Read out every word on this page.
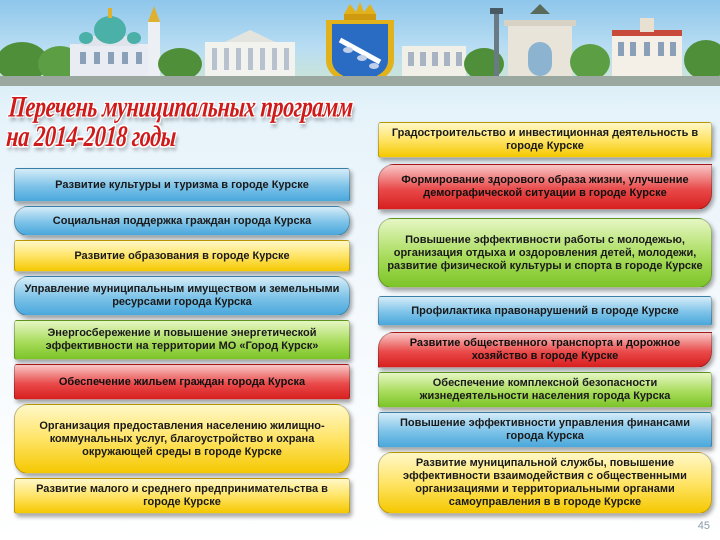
Перечень муниципальных программ на 2014-2018 годы
Развитие культуры и туризма в городе Курске
Социальная поддержка граждан города Курска
Развитие образования в городе Курске
Управление муниципальным имуществом и земельными ресурсами города Курска
Энергосбережение и повышение энергетической эффективности на территории МО «Город Курск»
Обеспечение жильем граждан города Курска
Организация предоставления населению жилищно-коммунальных услуг, благоустройство и охрана окружающей среды в городе Курске
Развитие малого и среднего предпринимательства в городе Курске
Градостроительство и инвестиционная деятельность в городе Курске
Формирование здорового образа жизни, улучшение демографической ситуации в городе Курске
Повышение эффективности работы с молодежью, организация отдыха и оздоровления детей, молодежи, развитие физической культуры и спорта в городе Курске
Профилактика правонарушений в городе Курске
Развитие общественного транспорта и дорожное хозяйство в городе Курске
Обеспечение комплексной безопасности жизнедеятельности населения города Курска
Повышение эффективности управления финансами города Курска
Развитие муниципальной службы, повышение эффективности взаимодействия с общественными организациями и территориальными органами самоуправления в в городе Курске
45
